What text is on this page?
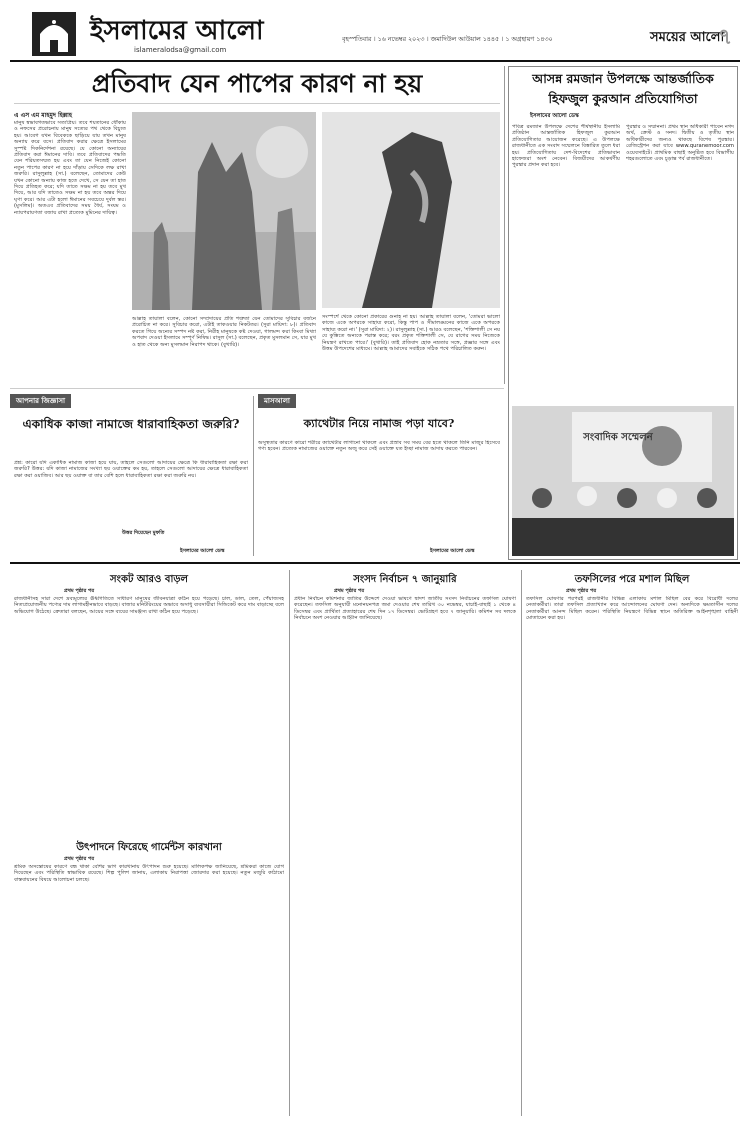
ইসলামের আলো
islameralodsa@gmail.com
বৃহস্পতিবার । ১৬ নভেম্বর ২০২৩ । জমাদিউল আউয়াল ১৪৪৫ । ১ অগ্রহায়ণ ১৪৩০	সময়ের আলো
৭
প্রতিবাদ যেন পাপের কারণ না হয়
এ এস এম মাহমুদ হিল্লাহ
মানুষ স্বভাবগতভাবে সত্যপ্রিয়। তবে শয়তানের ধোঁকায় ও নফসের প্ররোচনায় মানুষ সত্যের পথ থেকে বিচ্যুত হয়। আবেগ যখন বিবেককে ছাড়িয়ে যায় তখন মানুষ অন্যায় করে বসে। প্রতিবাদ করার ক্ষেত্রে ইসলামের সুস্পষ্ট দিকনির্দেশনা রয়েছে। যে কোনো অন্যায়ের প্রতিবাদ করা ঈমানের দাবি। তবে প্রতিবাদের পদ্ধতি যেন শরিয়তসম্মত হয় এবং তা যেন নিজেই কোনো নতুন পাপের কারণ না হয়ে দাঁড়ায় সেদিকে লক্ষ রাখা জরুরি। রাসুলুল্লাহ (সা.) বলেছেন, তোমাদের কেউ যখন কোনো অন্যায় কাজ হতে দেখে, সে যেন তা হাত দিয়ে প্রতিহত করে; যদি তাতে সক্ষম না হয় তবে মুখ দিয়ে, আর যদি তাতেও সক্ষম না হয় তবে অন্তর দিয়ে ঘৃণা করে। আর এটা হলো ঈমানের সবচেয়ে দুর্বল স্তর। (মুসলিম)। অতএব প্রতিবাদের সময় ধৈর্য, সংযম ও ন্যায়পরায়ণতা বজায় রাখা প্রত্যেক মুমিনের দায়িত্ব।
আল্লাহ তায়ালা বলেন, কোনো সম্প্রদায়ের প্রতি শত্রুতা যেন তোমাদের সুবিচার বর্জনে প্ররোচিত না করে। সুবিচার করো, এটাই তাকওয়ার নিকটতর। (সুরা মায়িদা: ৮)। প্রতিবাদ করতে গিয়ে অন্যের সম্পদ নষ্ট করা, নিরীহ মানুষকে কষ্ট দেওয়া, গালমন্দ করা কিংবা মিথ্যা অপবাদ দেওয়া ইসলামে সম্পূর্ণ নিষিদ্ধ। রাসুল (সা.) বলেছেন, প্রকৃত মুসলমান সে, যার মুখ ও হাত থেকে অন্য মুসলমান নিরাপদ থাকে। (বুখারি)।
সংস্পর্শে থেকে কোনো প্রকারের গুনাহ না হয়। আল্লাহ তায়ালা বলেন, 'তোমরা ভালো কাজে একে অপরকে সাহায্য করো, কিন্তু পাপ ও সীমালঙ্ঘনের কাজে একে অপরকে সাহায্য করো না।' (সুরা মায়িদা: ২)। রাসুলুল্লাহ (সা.) আরও বলেছেন, 'শক্তিশালী সে নয় যে কুস্তিতে অন্যকে পরাস্ত করে; বরং প্রকৃত শক্তিশালী সে, যে রাগের সময় নিজেকে নিয়ন্ত্রণ রাখতে পারে।' (বুখারি)। তাই প্রতিবাদ হোক নম্রতার সঙ্গে, প্রজ্ঞার সঙ্গে এবং উত্তম উপদেশের মাধ্যমে। আল্লাহ আমাদের সবাইকে সঠিক পথে পরিচালিত করুন।
আসন্ন রমজান উপলক্ষে আন্তর্জাতিক
হিফজুল কুরআন প্রতিযোগিতা
ইসলামের আলো ডেস্ক
পবিত্র রমজান উপলক্ষে দেশের শীর্ষস্থানীয় ইসলামি প্রতিষ্ঠান আন্তর্জাতিক হিফজুল কুরআন প্রতিযোগিতার আয়োজন করেছে। এ উপলক্ষে রাজধানীতে এক সংবাদ সম্মেলনে বিস্তারিত তুলে ধরা হয়। প্রতিযোগিতায় দেশ-বিদেশের প্রতিভাবান হাফেজরা অংশ নেবেন। বিজয়ীদের আকর্ষণীয় পুরস্কার প্রদান করা হবে।
পুরস্কার ও সম্মাননা। প্রথম স্থান অধিকারী পাবেন নগদ অর্থ, ক্রেস্ট ও সনদ। দ্বিতীয় ও তৃতীয় স্থান অধিকারীদের জন্যও থাকছে বিশেষ পুরস্কার। রেজিস্ট্রেশন করা যাবে www.quranemoor.com ওয়েবসাইটে। প্রাথমিক বাছাই অনুষ্ঠিত হবে বিভাগীয় শহরগুলোতে এবং চূড়ান্ত পর্ব রাজধানীতে।
সংবাদিক সম্মেলন
আপনার জিজ্ঞাসা
একাধিক কাজা নামাজে ধারাবাহিকতা জরুরি?
প্রশ্ন: কারো যদি একাধিক নামাজ কাজা হয়ে যায়, তাহলে সেগুলো আদায়ের ক্ষেত্রে কি ধারাবাহিকতা রক্ষা করা জরুরি? উত্তর: যদি কাজা নামাজের সংখ্যা ছয় ওয়াক্তের কম হয়, তাহলে সেগুলো আদায়ের ক্ষেত্রে ধারাবাহিকতা রক্ষা করা ওয়াজিব। আর ছয় ওয়াক্ত বা তার বেশি হলে ধারাবাহিকতা রক্ষা করা জরুরি নয়।
উত্তর দিয়েছেন মুফতি
ইসলামের আলো ডেস্ক
মাসআলা
ক্যাথেটার নিয়ে নামাজ পড়া যাবে?
অসুস্থতার কারণে কারো শরীরে ক্যাথেটার লাগানো থাকলে এবং প্রস্রাব সব সময় বের হতে থাকলে তিনি মাজুর হিসেবে গণ্য হবেন। প্রত্যেক নামাজের ওয়াক্তে নতুন অজু করে সেই ওয়াক্তে যত ইচ্ছা নামাজ আদায় করতে পারবেন।
ইসলামের আলো ডেস্ক
সংকট আরও বাড়ল
প্রথম পৃষ্ঠার পর
রাজধানীসহ সারা দেশে দ্রব্যমূল্যের ঊর্ধ্বগতিতে সাধারণ মানুষের জীবনযাত্রা কঠিন হয়ে পড়েছে। চাল, ডাল, তেল, পেঁয়াজসহ নিত্যপ্রয়োজনীয় পণ্যের দাম লাগামহীনভাবে বাড়ছে। বাজার মনিটরিংয়ের অভাবে অসাধু ব্যবসায়ীরা সিন্ডিকেট করে দাম বাড়াচ্ছে বলে অভিযোগ উঠেছে। ক্রেতারা বলছেন, আয়ের সঙ্গে ব্যয়ের সামঞ্জস্য রাখা কঠিন হয়ে পড়েছে।
উৎপাদনে ফিরেছে গার্মেন্টস কারখানা
প্রথম পৃষ্ঠার পর
শ্রমিক অসন্তোষের কারণে বন্ধ থাকা বেশির ভাগ কারখানায় উৎপাদন শুরু হয়েছে। মালিকপক্ষ জানিয়েছে, শ্রমিকরা কাজে যোগ দিয়েছেন এবং পরিস্থিতি স্বাভাবিক রয়েছে। শিল্প পুলিশ জানায়, এলাকায় নিরাপত্তা জোরদার করা হয়েছে। নতুন মজুরি কাঠামো বাস্তবায়নের বিষয়ে আলোচনা চলছে।
সংসদ নির্বাচন ৭ জানুয়ারি
প্রথম পৃষ্ঠার পর
প্রধান নির্বাচন কমিশনার জাতির উদ্দেশে দেওয়া ভাষণে দ্বাদশ জাতীয় সংসদ নির্বাচনের তফসিল ঘোষণা করেছেন। তফসিল অনুযায়ী মনোনয়নপত্র জমা দেওয়ার শেষ তারিখ ৩০ নভেম্বর, যাচাই-বাছাই ১ থেকে ৪ ডিসেম্বর এবং প্রার্থিতা প্রত্যাহারের শেষ দিন ১৭ ডিসেম্বর। ভোটগ্রহণ হবে ৭ জানুয়ারি। কমিশন সব দলকে নির্বাচনে অংশ নেওয়ার আহ্বান জানিয়েছে।
তফসিলের পরে মশাল মিছিল
প্রথম পৃষ্ঠার পর
তফসিল ঘোষণার পরপরই রাজধানীর বিভিন্ন এলাকায় মশাল মিছিল বের করে বিরোধী দলের নেতাকর্মীরা। তারা তফসিল প্রত্যাখ্যান করে আন্দোলনের ঘোষণা দেন। অন্যদিকে ক্ষমতাসীন দলের নেতাকর্মীরা আনন্দ মিছিল করেন। পরিস্থিতি নিয়ন্ত্রণে বিভিন্ন স্থানে অতিরিক্ত আইনশৃঙ্খলা বাহিনী মোতায়েন করা হয়।
